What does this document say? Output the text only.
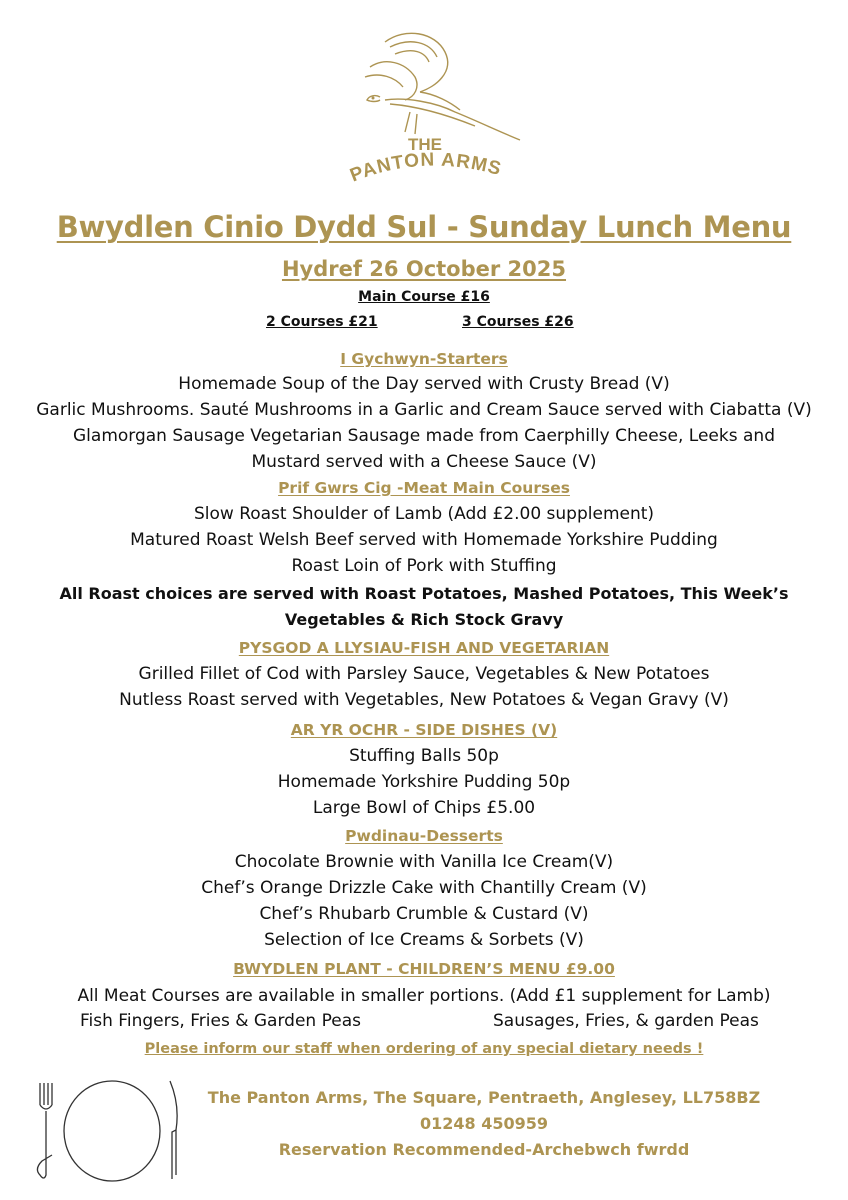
THE
PANTON ARMS
Bwydlen Cinio Dydd Sul - Sunday Lunch Menu
Hydref 26 October 2025
Main Course £16
2 Courses £21	3 Courses £26
I Gychwyn-Starters
Homemade Soup of the Day served with Crusty Bread (V)
Garlic Mushrooms. Sauté Mushrooms in a Garlic and Cream Sauce served with Ciabatta (V)
Glamorgan Sausage Vegetarian Sausage made from Caerphilly Cheese, Leeks and
Mustard served with a Cheese Sauce (V)
Prif Gwrs Cig -Meat Main Courses
Slow Roast Shoulder of Lamb (Add £2.00 supplement)
Matured Roast Welsh Beef served with Homemade Yorkshire Pudding
Roast Loin of Pork with Stuffing
All Roast choices are served with Roast Potatoes, Mashed Potatoes, This Week’s
Vegetables & Rich Stock Gravy
PYSGOD A LLYSIAU-FISH AND VEGETARIAN
Grilled Fillet of Cod with Parsley Sauce, Vegetables & New Potatoes
Nutless Roast served with Vegetables, New Potatoes & Vegan Gravy (V)
AR YR OCHR - SIDE DISHES (V)
Stuffing Balls 50p
Homemade Yorkshire Pudding 50p
Large Bowl of Chips £5.00
Pwdinau-Desserts
Chocolate Brownie with Vanilla Ice Cream(V)
Chef’s Orange Drizzle Cake with Chantilly Cream (V)
Chef’s Rhubarb Crumble & Custard (V)
Selection of Ice Creams & Sorbets (V)
BWYDLEN PLANT - CHILDREN’S MENU £9.00
All Meat Courses are available in smaller portions. (Add £1 supplement for Lamb)
Fish Fingers, Fries & Garden Peas	Sausages, Fries, & garden Peas
Please inform our staff when ordering of any special dietary needs !
The Panton Arms, The Square, Pentraeth, Anglesey, LL758BZ
01248 450959
Reservation Recommended-Archebwch fwrdd
